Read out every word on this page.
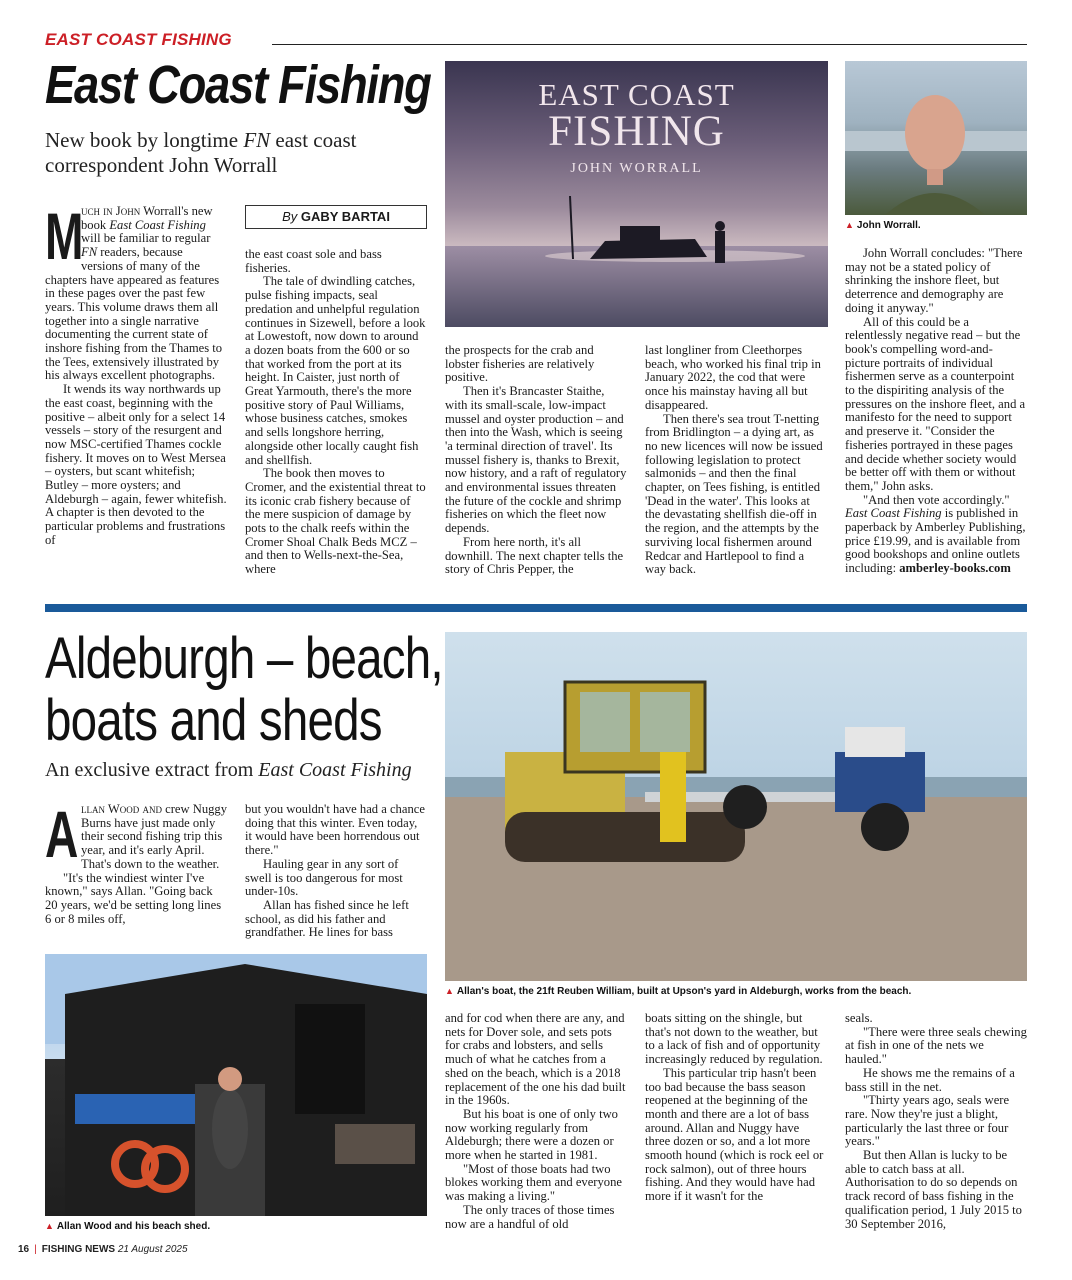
EAST COAST FISHING
East Coast Fishing
New book by longtime FN east coast correspondent John Worrall
By GABY BARTAI

M
uch in John Worrall's new book East Coast Fishing will be familiar to regular FN readers, because versions of many of the chapters have appeared as features in these pages over the past few years. This volume draws them all together into a single narrative documenting the current state of inshore fishing from the Thames to the Tees, extensively illustrated by his always excellent photographs.

It wends its way northwards up the east coast, beginning with the positive – albeit only for a select 14 vessels – story of the resurgent and now MSC-certified Thames cockle fishery. It moves on to West Mersea – oysters, but scant whitefish; Butley – more oysters; and Aldeburgh – again, fewer whitefish. A chapter is then devoted to the particular problems and frustrations of

the east coast sole and bass fisheries.

The tale of dwindling catches, pulse fishing impacts, seal predation and unhelpful regulation continues in Sizewell, before a look at Lowestoft, now down to around a dozen boats from the 600 or so that worked from the port at its height. In Caister, just north of Great Yarmouth, there's the more positive story of Paul Williams, whose business catches, smokes and sells longshore herring, alongside other locally caught fish and shellfish.

The book then moves to Cromer, and the existential threat to its iconic crab fishery because of the mere suspicion of damage by pots to the chalk reefs within the Cromer Shoal Chalk Beds MCZ – and then to Wells-next-the-Sea, where

EAST COAST
FISHING
JOHN WORRALL

the prospects for the crab and lobster fisheries are relatively positive.

Then it's Brancaster Staithe, with its small-scale, low-impact mussel and oyster production – and then into the Wash, which is seeing 'a terminal direction of travel'. Its mussel fishery is, thanks to Brexit, now history, and a raft of regulatory and environmental issues threaten the future of the cockle and shrimp fisheries on which the fleet now depends.

From here north, it's all downhill. The next chapter tells the story of Chris Pepper, the

last longliner from Cleethorpes beach, who worked his final trip in January 2022, the cod that were once his mainstay having all but disappeared.

Then there's sea trout T-netting from Bridlington – a dying art, as no new licences will now be issued following legislation to protect salmonids – and then the final chapter, on Tees fishing, is entitled 'Dead in the water'. This looks at the devastating shellfish die-off in the region, and the attempts by the surviving local fishermen around Redcar and Hartlepool to find a way back.

▲ John Worrall.

John Worrall concludes: "There may not be a stated policy of shrinking the inshore fleet, but deterrence and demography are doing it anyway."

All of this could be a relentlessly negative read – but the book's compelling word-and-picture portraits of individual fishermen serve as a counterpoint to the dispiriting analysis of the pressures on the inshore fleet, and a manifesto for the need to support and preserve it. "Consider the fisheries portrayed in these pages and decide whether society would be better off with them or without them," John asks.

"And then vote accordingly."

East Coast Fishing is published in paperback by Amberley Publishing, price £19.99, and is available from good bookshops and online outlets including: amberley-books.com

Aldeburgh – beach,
boats and sheds
An exclusive extract from East Coast Fishing

Allan Wood and crew Nuggy Burns have just made only their second fishing trip this year, and it's early April. That's down to the weather.

"It's the windiest winter I've known," says Allan. "Going back 20 years, we'd be setting long lines 6 or 8 miles off,

but you wouldn't have had a chance doing that this winter. Even today, it would have been horrendous out there."

Hauling gear in any sort of swell is too dangerous for most under-10s.

Allan has fished since he left school, as did his father and grandfather. He lines for bass

▲ Allan's boat, the 21ft Reuben William, built at Upson's yard in Aldeburgh, works from the beach.
▲ Allan Wood and his beach shed.

and for cod when there are any, and nets for Dover sole, and sets pots for crabs and lobsters, and sells much of what he catches from a shed on the beach, which is a 2018 replacement of the one his dad built in the 1960s.

But his boat is one of only two now working regularly from Aldeburgh; there were a dozen or more when he started in 1981.

"Most of those boats had two blokes working them and everyone was making a living."

The only traces of those times now are a handful of old

boats sitting on the shingle, but that's not down to the weather, but to a lack of fish and of opportunity increasingly reduced by regulation.

This particular trip hasn't been too bad because the bass season reopened at the beginning of the month and there are a lot of bass around. Allan and Nuggy have three dozen or so, and a lot more smooth hound (which is rock eel or rock salmon), out of three hours fishing. And they would have had more if it wasn't for the

seals.

"There were three seals chewing at fish in one of the nets we hauled."

He shows me the remains of a bass still in the net.

"Thirty years ago, seals were rare. Now they're just a blight, particularly the last three or four years."

But then Allan is lucky to be able to catch bass at all. Authorisation to do so depends on track record of bass fishing in the qualification period, 1 July 2015 to 30 September 2016,

16 | FISHING NEWS 21 August 2025
